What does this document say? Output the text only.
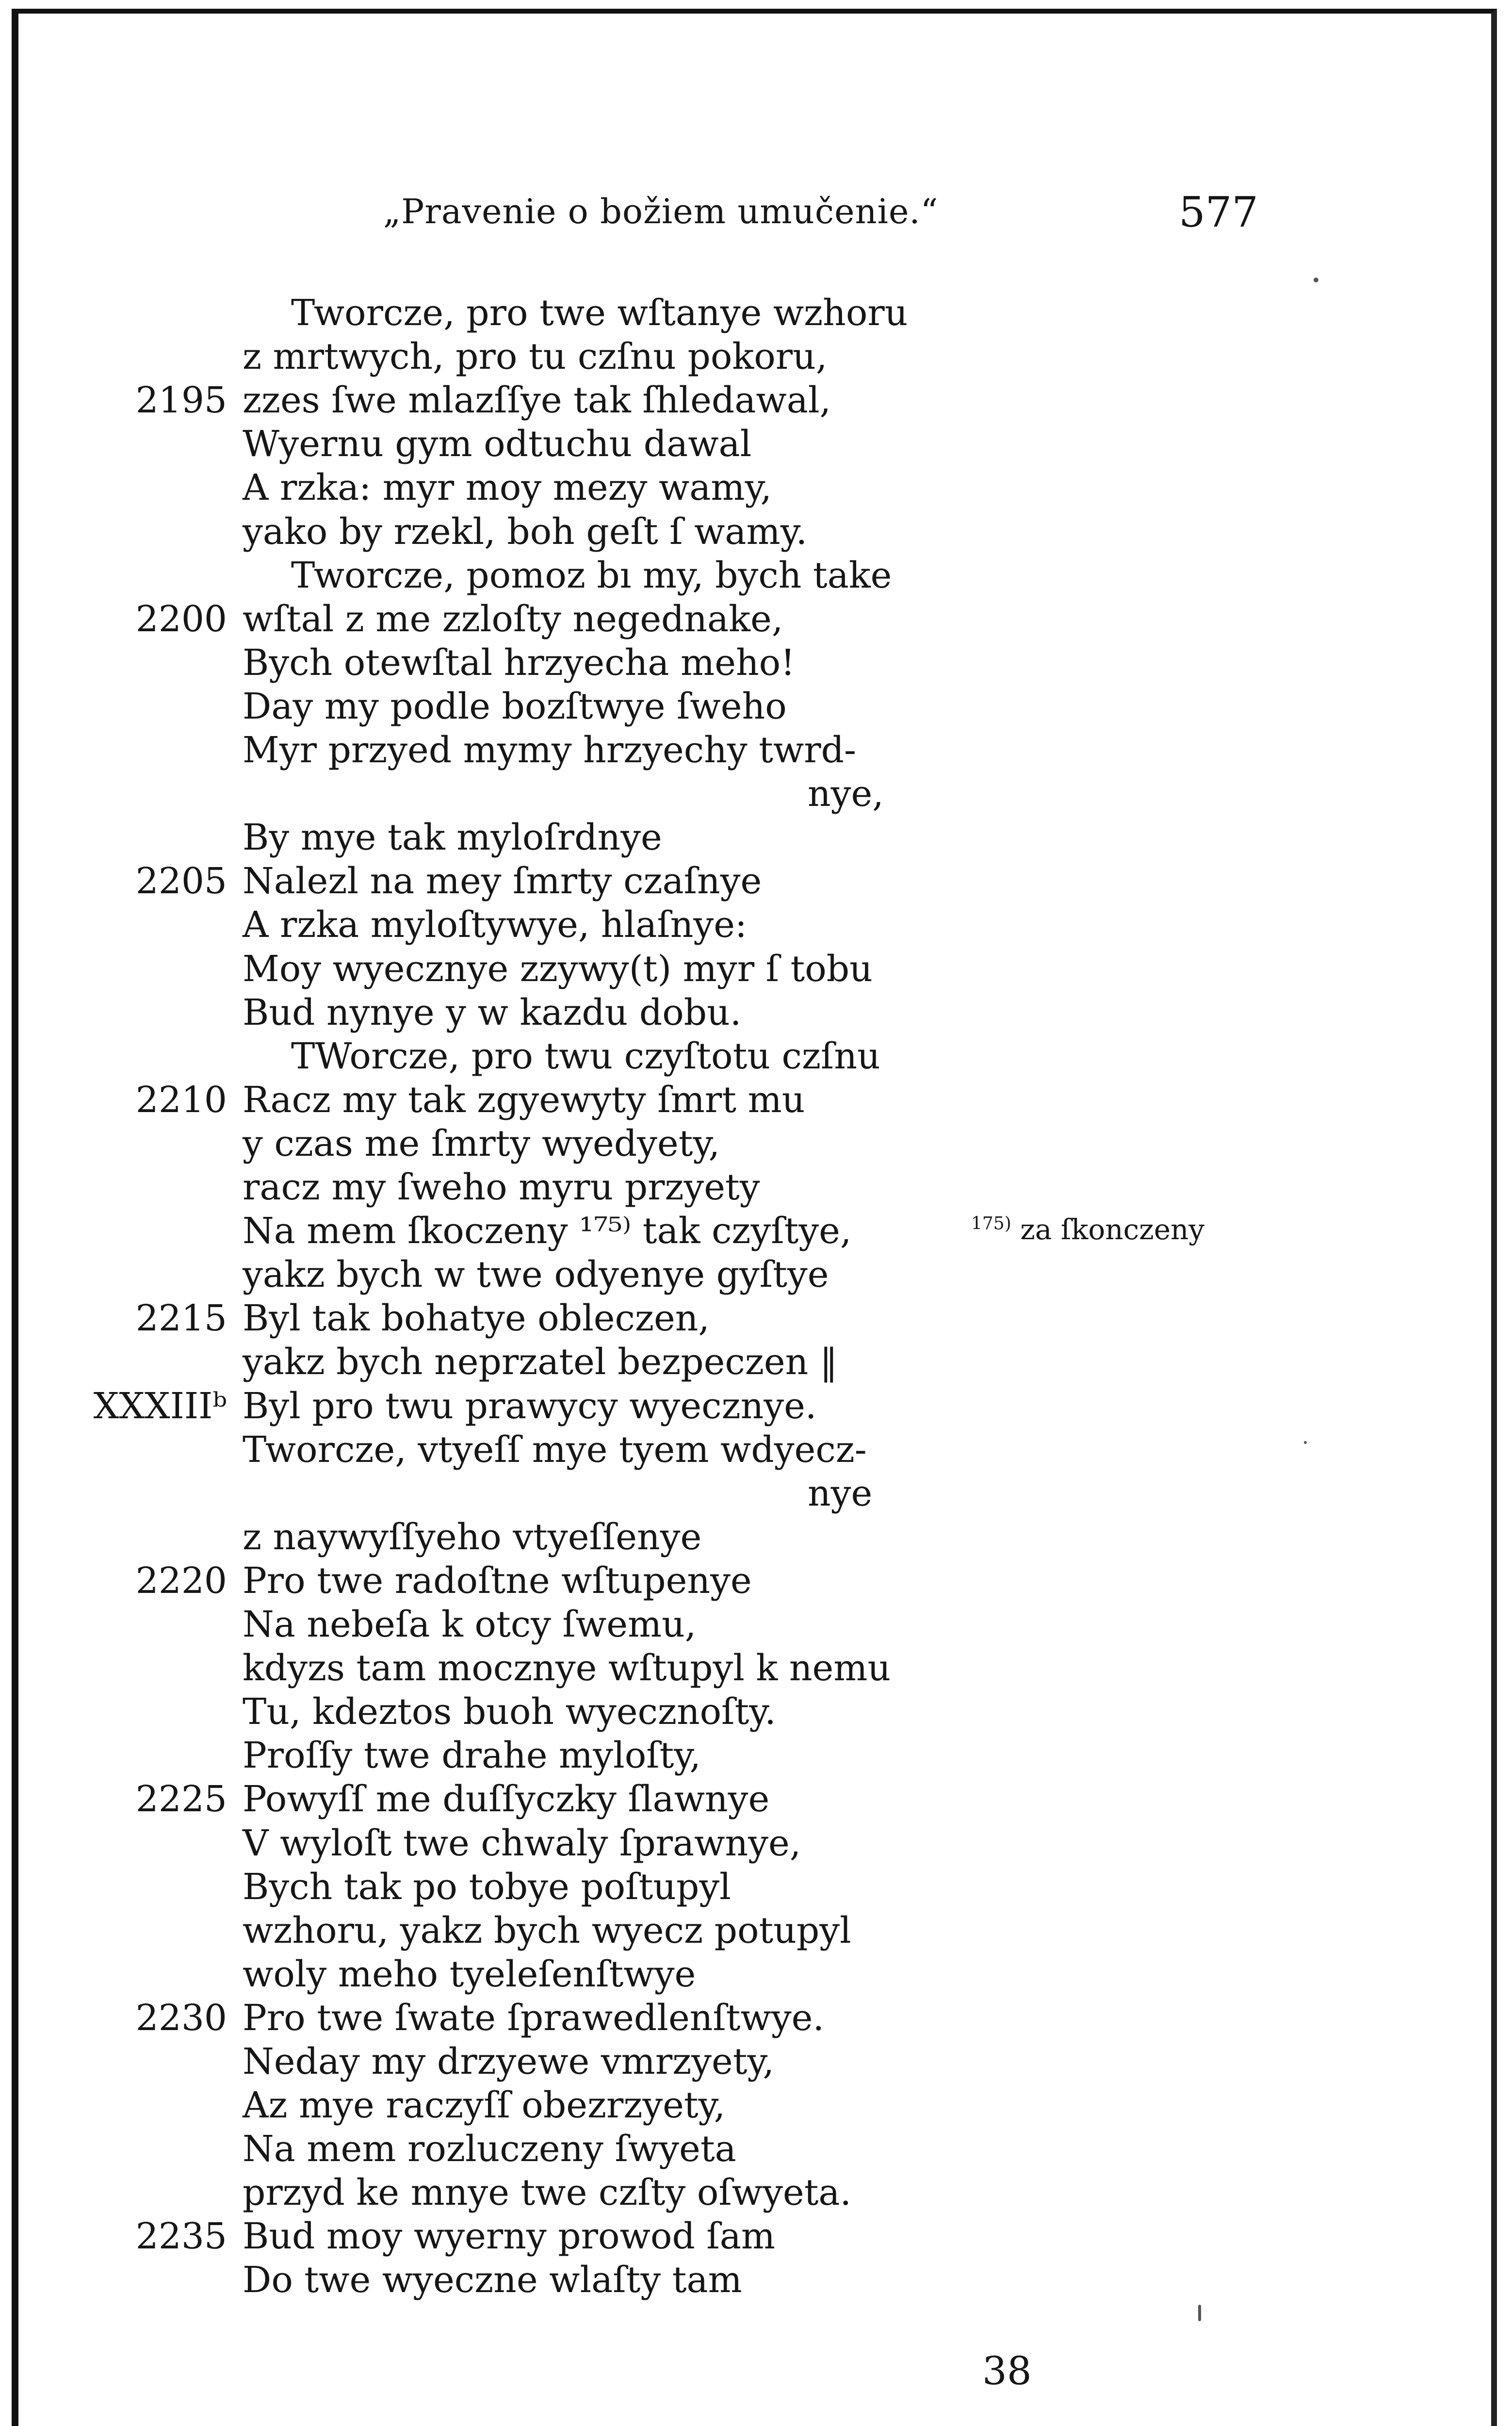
„Pravenie o božiem umučenie.“	577
Tworcze, pro twe wſtanye wzhoru
z mrtwych, pro tu czſnu pokoru,
2195 zzes ſwe mlazſſye tak ſhledawal,
Wyernu gym odtuchu dawal
A rzka: myr moy mezy wamy,
yako by rzekl, boh geſt ſ wamy.
Tworcze, pomoz bı my, bych take
2200 wſtal z me zzloſty negednake,
Bych otewſtal hrzyecha meho!
Day my podle bozſtwye ſweho
Myr przyed mymy hrzyechy twrd-
nye,
By mye tak myloſrdnye
2205 Nalezl na mey ſmrty czaſnye
A rzka myloſtywye, hlaſnye:
Moy wyecznye zzywy(t) myr ſ tobu
Bud nynye y w kazdu dobu.
TWorcze, pro twu czyſtotu czſnu
2210 Racz my tak zgyewyty ſmrt mu
y czas me ſmrty wyedyety,
racz my ſweho myru przyety
Na mem ſkoczeny ¹⁷⁵⁾ tak czyſtye,
yakz bych w twe odyenye gyſtye
2215 Byl tak bohatye obleczen,
yakz bych neprzatel bezpeczen ‖
XXXIIIᵇ Byl pro twu prawycy wyecznye.
Tworcze, vtyeſſ mye tyem wdyecz-
nye
z naywyſſyeho vtyeſſenye
2220 Pro twe radoſtne wſtupenye
Na nebeſa k otcy ſwemu,
kdyzs tam mocznye wſtupyl k nemu
Tu, kdeztos buoh wyecznoſty.
Proſſy twe drahe myloſty,
2225 Powyſſ me duſſyczky ſlawnye
V wyloſt twe chwaly ſprawnye,
Bych tak po tobye poſtupyl
wzhoru, yakz bych wyecz potupyl
woly meho tyeleſenſtwye
2230 Pro twe ſwate ſprawedlenſtwye.
Neday my drzyewe vmrzyety,
Az mye raczyſſ obezrzyety,
Na mem rozluczeny ſwyeta
przyd ke mnye twe czſty oſwyeta.
2235 Bud moy wyerny prowod ſam
Do twe wyeczne wlaſty tam
$^{175)}$ za ſkonczeny
38
